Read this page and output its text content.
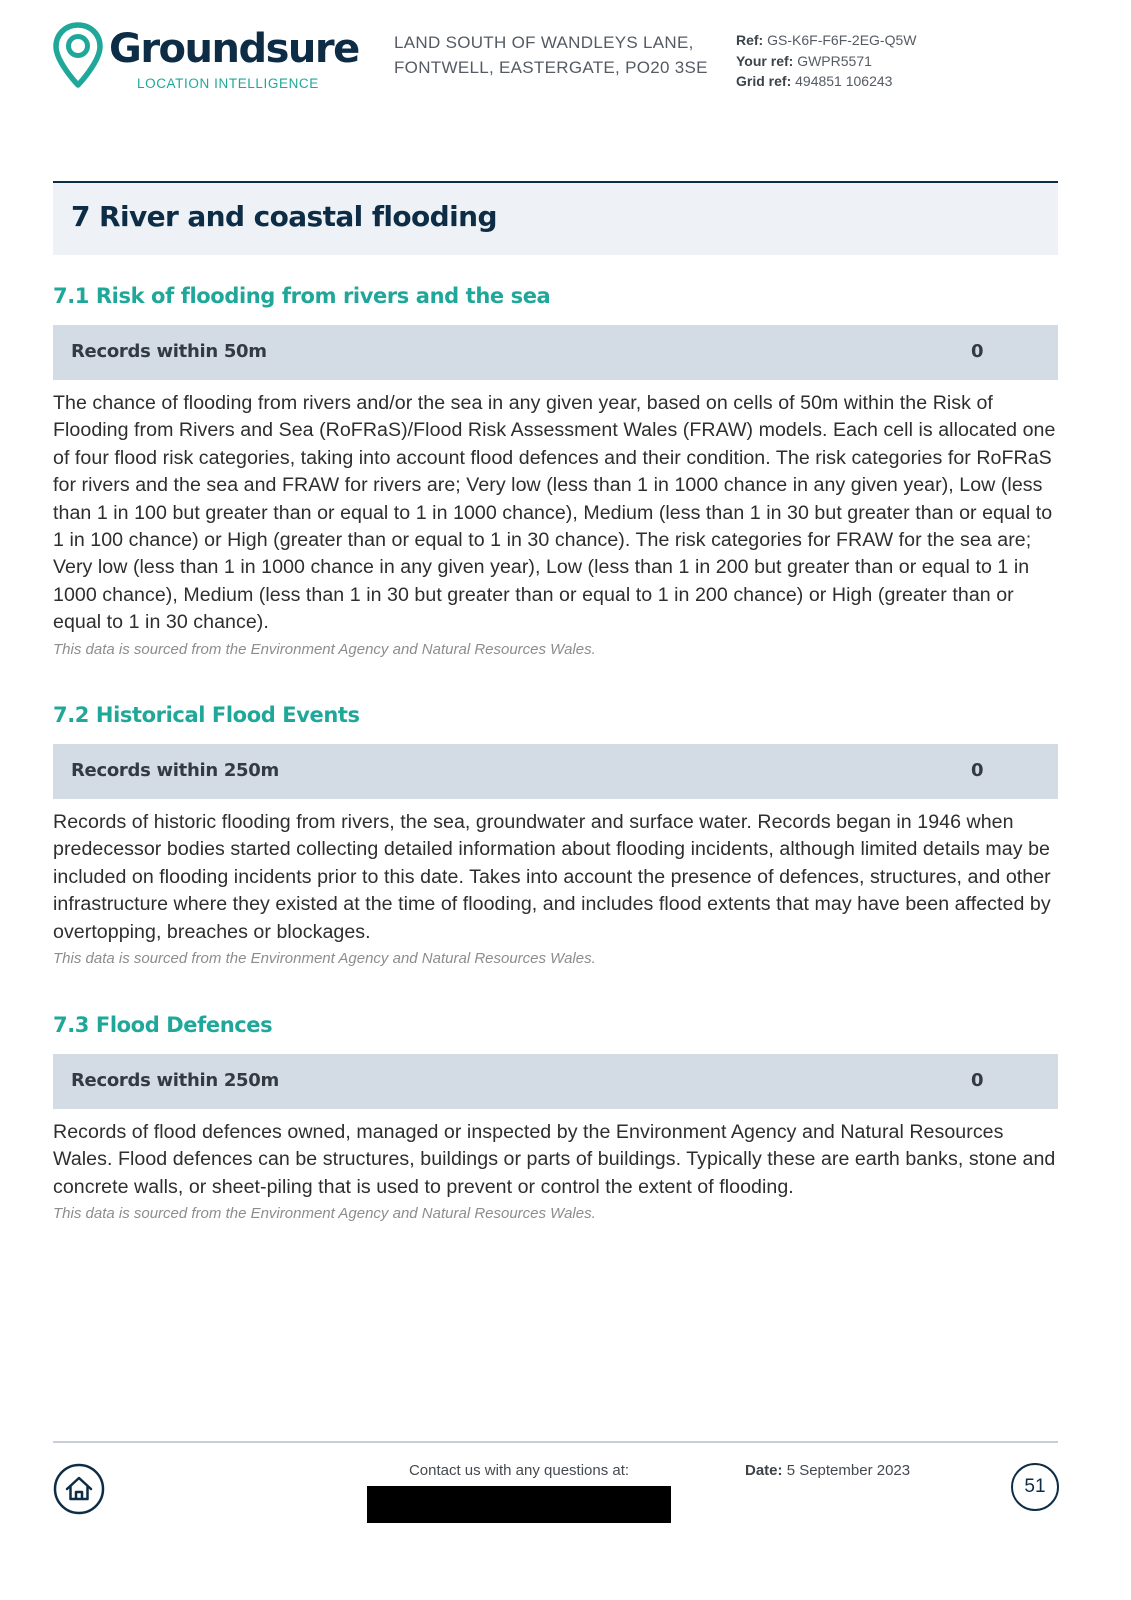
Groundsure
LOCATION INTELLIGENCE
LAND SOUTH OF WANDLEYS LANE,
FONTWELL, EASTERGATE, PO20 3SE
Ref: GS-K6F-F6F-2EG-Q5W
Your ref: GWPR5571
Grid ref: 494851 106243
7 River and coastal flooding
7.1 Risk of flooding from rivers and the sea
Records within 50m	0

The chance of flooding from rivers and/or the sea in any given year, based on cells of 50m within the Risk of Flooding from Rivers and Sea (RoFRaS)/Flood Risk Assessment Wales (FRAW) models. Each cell is allocated one of four flood risk categories, taking into account flood defences and their condition. The risk categories for RoFRaS for rivers and the sea and FRAW for rivers are; Very low (less than 1 in 1000 chance in any given year), Low (less than 1 in 100 but greater than or equal to 1 in 1000 chance), Medium (less than 1 in 30 but greater than or equal to 1 in 100 chance) or High (greater than or equal to 1 in 30 chance). The risk categories for FRAW for the sea are; Very low (less than 1 in 1000 chance in any given year), Low (less than 1 in 200 but greater than or equal to 1 in 1000 chance), Medium (less than 1 in 30 but greater than or equal to 1 in 200 chance) or High (greater than or equal to 1 in 30 chance).

This data is sourced from the Environment Agency and Natural Resources Wales.

7.2 Historical Flood Events
Records within 250m	0

Records of historic flooding from rivers, the sea, groundwater and surface water. Records began in 1946 when predecessor bodies started collecting detailed information about flooding incidents, although limited details may be included on flooding incidents prior to this date. Takes into account the presence of defences, structures, and other infrastructure where they existed at the time of flooding, and includes flood extents that may have been affected by overtopping, breaches or blockages.

This data is sourced from the Environment Agency and Natural Resources Wales.

7.3 Flood Defences
Records within 250m	0

Records of flood defences owned, managed or inspected by the Environment Agency and Natural Resources Wales. Flood defences can be structures, buildings or parts of buildings. Typically these are earth banks, stone and concrete walls, or sheet-piling that is used to prevent or control the extent of flooding.

This data is sourced from the Environment Agency and Natural Resources Wales.

Contact us with any questions at:	Date: 5 September 2023
51
